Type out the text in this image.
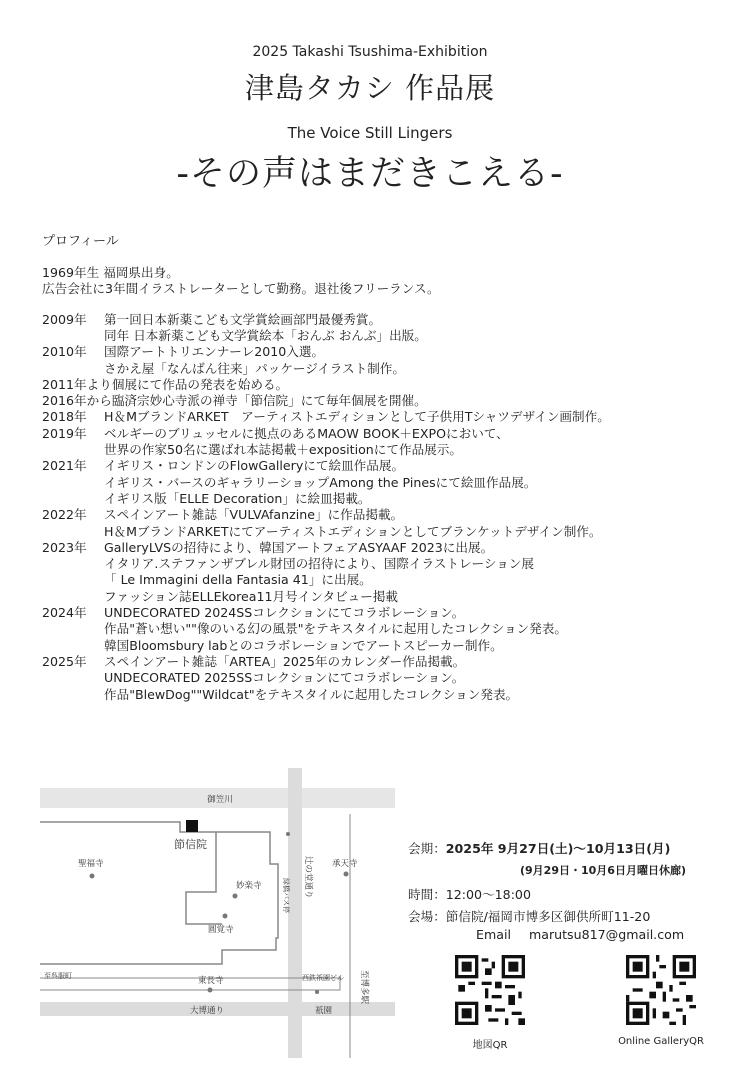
2025 Takashi Tsushima-Exhibition
津島タカシ 作品展
The Voice Still Lingers
-その声はまだきこえる-
プロフィール
1969年生 福岡県出身。
広告会社に3年間イラストレーターとして勤務。退社後フリーランス。
2009年 第一回日本新薬こども文学賞絵画部門最優秀賞。
同年 日本新薬こども文学賞絵本「おんぶ おんぶ」出版。
2010年 国際アートトリエンナーレ2010入選。
さかえ屋「なんばん往来」パッケージイラスト制作。
2011年より個展にて作品の発表を始める。
2016年から臨済宗妙心寺派の禅寺「節信院」にて毎年個展を開催。
2018年 H＆MブランドARKET　アーティストエディションとして子供用Tシャツデザイン画制作。
2019年 ベルギーのブリュッセルに拠点のあるMAOW BOOK＋EXPOにおいて、
世界の作家50名に選ばれ本誌掲載＋expositionにて作品展示。
2021年 イギリス・ロンドンのFlowGalleryにて絵皿作品展。
イギリス・バースのギャラリーショップAmong the Pinesにて絵皿作品展。
イギリス版「ELLE Decoration」に絵皿掲載。
2022年 スペインアート雑誌「VULVAfanzine」に作品掲載。
H＆MブランドARKETにてアーティストエディションとしてブランケットデザイン制作。
2023年 GalleryLVSの招待により、韓国アートフェアASYAAF 2023に出展。
イタリア.ステファンザブレル財団の招待により、国際イラストレーション展
「 Le Immagini della Fantasia 41」に出展。
ファッション誌ELLEkorea11月号インタビュー掲載
2024年 UNDECORATED 2024SSコレクションにてコラボレーション。
作品"蒼い想い""像のいる幻の風景"をテキスタイルに起用したコレクション発表。
韓国Bloomsbury labとのコラボレーションでアートスピーカー制作。
2025年 スペインアート雑誌「ARTEA」2025年のカレンダー作品掲載。
UNDECORATED 2025SSコレクションにてコラボレーション。
作品"BlewDog""Wildcat"をテキスタイルに起用したコレクション発表。
御笠川
大博通り	祇園
節信院
聖福寺
妙楽寺
圓覚寺
承天寺
東長寺
緑橋バス停 辻の堂通り
西鉄祇園ビル 至博多駅
至呉服町
会期：2025年 9月27日(土)〜10月13日(月)
(9月29日・10月6日月曜日休廊)
時間：12:00〜18:00
会場：節信院/福岡市博多区御供所町11-20
Email marutsu817@gmail.com
地図QR	Online GalleryQR
